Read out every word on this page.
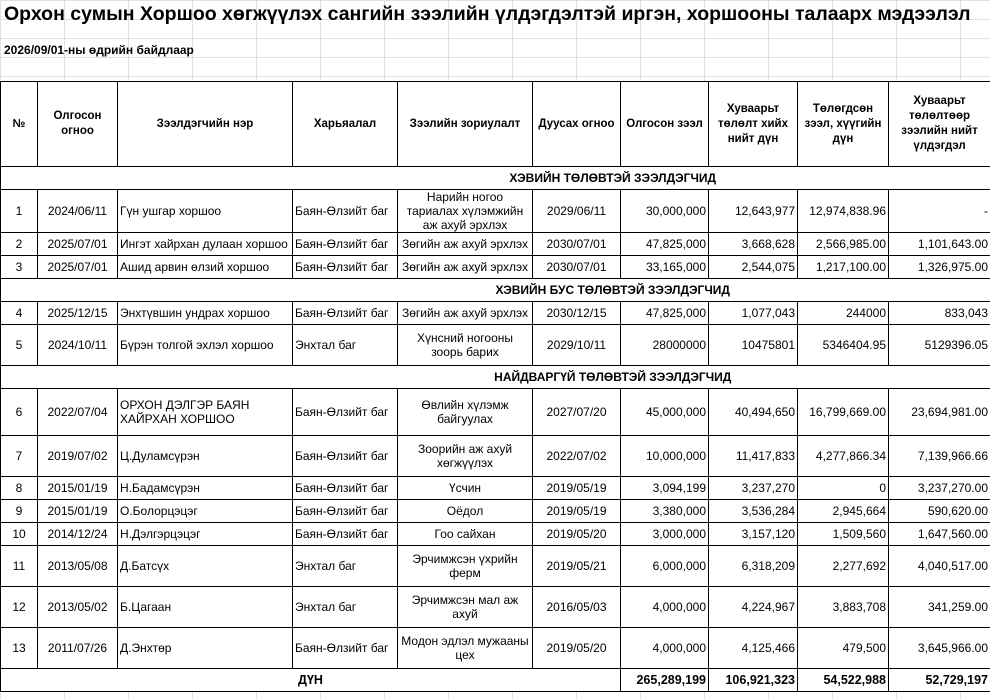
Орхон сумын Хоршоо хөгжүүлэх сангийн зээлийн үлдэгдэлтэй иргэн, хоршооны талаарх мэдээлэл
2026/09/01-ны өдрийн байдлаар
№	Олгосон огноо	Зээлдэгчийн нэр	Харьяалал	Зээлийн зориулалт	Дуусах огноо	Олгосон зээл	Хуваарьт төлөлт хийх нийт дүн	Төлөгдсөн зээл, хүүгийн дүн	Хуваарьт төлөлтөөр зээлийн нийт үлдэгдэл
	ХЭВИЙН ТӨЛӨВТЭЙ ЗЭЭЛДЭГЧИД								
1	2024/06/11	Гүн ушгар хоршоо	Баян-Өлзийт баг	Нарийн ногоо тариалах хүлэмжийн аж ахуй эрхлэх	2029/06/11	30,000,000	12,643,977	12,974,838.96	-
2	2025/07/01	Ингэт хайрхан дулаан хоршоо	Баян-Өлзийт баг	Зөгийн аж ахуй эрхлэх	2030/07/01	47,825,000	3,668,628	2,566,985.00	1,101,643.00
3	2025/07/01	Ашид арвин өлзий хоршоо	Баян-Өлзийт баг	Зөгийн аж ахуй эрхлэх	2030/07/01	33,165,000	2,544,075	1,217,100.00	1,326,975.00
	ХЭВИЙН БУС ТӨЛӨВТЭЙ ЗЭЭЛДЭГЧИД								
4	2025/12/15	Энхтүвшин ундрах хоршоо	Баян-Өлзийт баг	Зөгийн аж ахуй эрхлэх	2030/12/15	47,825,000	1,077,043	244000	833,043
5	2024/10/11	Бүрэн толгой эхлэл хоршоо	Энхтал баг	Хүнсний ногооны зоорь барих	2029/10/11	28000000	10475801	5346404.95	5129396.05
	НАЙДВАРГҮЙ ТӨЛӨВТЭЙ ЗЭЭЛДЭГЧИД								
6	2022/07/04	ОРХОН ДЭЛГЭР БАЯН ХАЙРХАН ХОРШОО	Баян-Өлзийт баг	Өвлийн хүлэмж байгуулах	2027/07/20	45,000,000	40,494,650	16,799,669.00	23,694,981.00
7	2019/07/02	Ц.Дуламсүрэн	Баян-Өлзийт баг	Зоорийн аж ахуй хөгжүүлэх	2022/07/02	10,000,000	11,417,833	4,277,866.34	7,139,966.66
8	2015/01/19	Н.Бадамсүрэн	Баян-Өлзийт баг	Үсчин	2019/05/19	3,094,199	3,237,270	0	3,237,270.00
9	2015/01/19	О.Болорцэцэг	Баян-Өлзийт баг	Оёдол	2019/05/19	3,380,000	3,536,284	2,945,664	590,620.00
10	2014/12/24	Н.Дэлгэрцэцэг	Баян-Өлзийт баг	Гоо сайхан	2019/05/20	3,000,000	3,157,120	1,509,560	1,647,560.00
11	2013/05/08	Д.Батсүх	Энхтал баг	Эрчимжсэн үхрийн ферм	2019/05/21	6,000,000	6,318,209	2,277,692	4,040,517.00
12	2013/05/02	Б.Цагаан	Энхтал баг	Эрчимжсэн мал аж ахуй	2016/05/03	4,000,000	4,224,967	3,883,708	341,259.00
13	2011/07/26	Д.Энхтөр	Баян-Өлзийт баг	Модон эдлэл мужааны цех	2019/05/20	4,000,000	4,125,466	479,500	3,645,966.00
ДҮН						265,289,199	106,921,323	54,522,988	52,729,197
